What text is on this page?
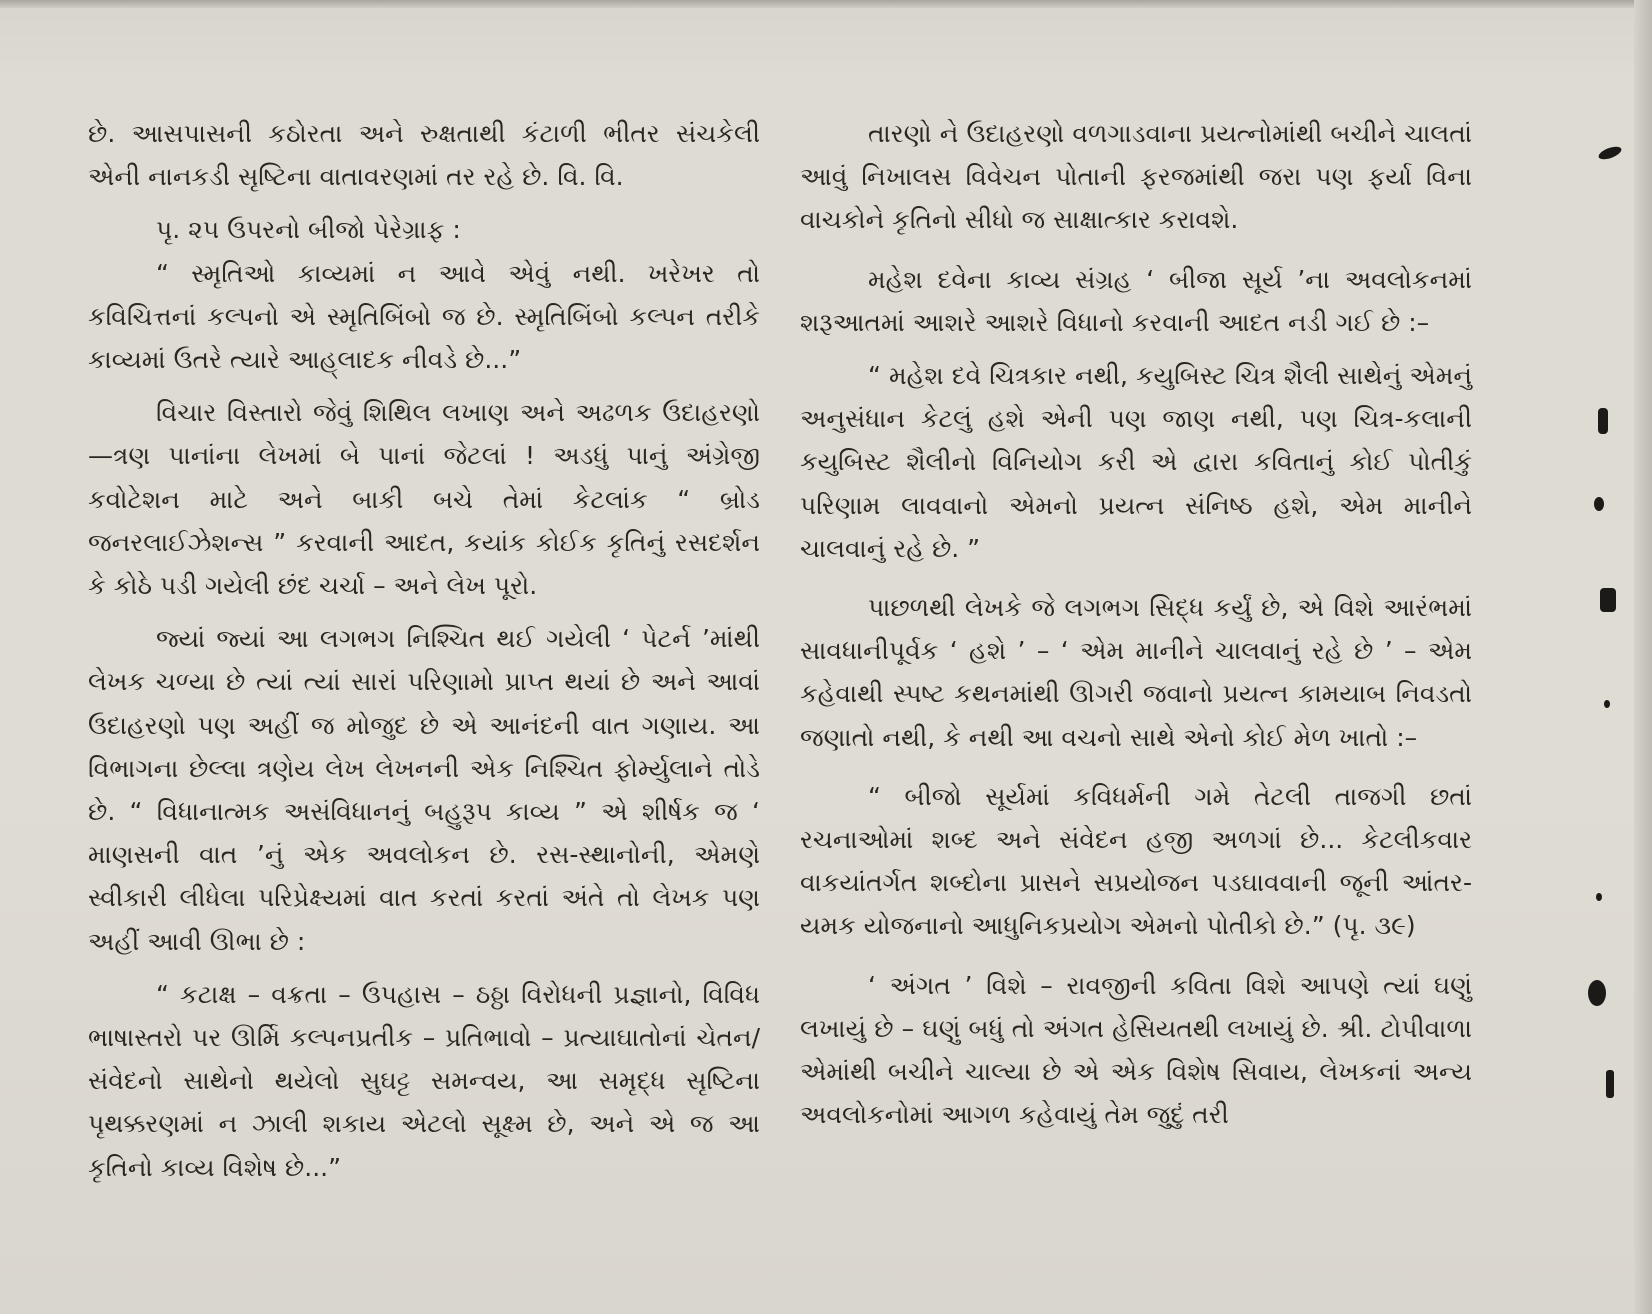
છે. આસપાસની કઠોરતા અને રુક્ષતાથી કંટાળી ભીતર સંચકેલી એની નાનકડી સૃષ્ટિના વાતાવરણમાં તર રહે છે. વિ. વિ.

પૃ. ૨૫ ઉપરનો બીજો પેરેગ્રાફ :

“ સ્મૃતિઓ કાવ્યમાં ન આવે એવું નથી. ખરેખર તો કવિચિત્તનાં કલ્પનો એ સ્મૃતિબિંબો જ છે. સ્મૃતિબિંબો કલ્પન તરીકે કાવ્યમાં ઉતરે ત્યારે આહ્‌લાદક નીવડે છે...”

વિચાર વિસ્તારો જેવું શિથિલ લખાણ અને અઢળક ઉદાહરણો—ત્રણ પાનાંના લેખમાં બે પાનાં જેટલાં ! અડધું પાનું અંગ્રેજી કવોટેશન માટે અને બાકી બચે તેમાં કેટલાંક “ બ્રોડ જનરલાઈઝેશન્સ ” કરવાની આદત, કયાંક કોઈક કૃતિનું રસદર્શન કે કોઠે પડી ગયેલી છંદ ચર્ચા – અને લેખ પૂરો.

જ્યાં જ્યાં આ લગભગ નિશ્ચિત થઈ ગયેલી ‘ પેટર્ન ’માંથી લેખક ચળ્યા છે ત્યાં ત્યાં સારાં પરિણામો પ્રાપ્ત થયાં છે અને આવાં ઉદાહરણો પણ અહીં જ મોજુદ છે એ આનંદની વાત ગણાય. આ વિભાગના છેલ્લા ત્રણેય લેખ લેખનની એક નિશ્ચિત ફોર્મ્યુલાને તોડે છે. “ વિધાનાત્મક અસંવિધાનનું બહુરૂપ કાવ્ય ” એ શીર્ષક જ ‘ માણસની વાત ’નું એક અવલોકન છે. રસ-સ્થાનોની, એમણે સ્વીકારી લીધેલા પરિપ્રેક્ષ્યમાં વાત કરતાં કરતાં અંતે તો લેખક પણ અહીં આવી ઊભા છે :

“ કટાક્ષ – વક્રતા – ઉપહાસ – ઠઠ્ઠા વિરોધની પ્રજ્ઞાનો, વિવિધ ભાષાસ્તરો પર ઊર્મિ કલ્પનપ્રતીક – પ્રતિભાવો – પ્રત્યાઘાતોનાં ચેતન/સંવેદનો સાથેનો થયેલો સુઘટ્ટ સમન્વય, આ સમૃદ્ધ સૃષ્ટિના પૃથક્કરણમાં ન ઝાલી શકાય એટલો સૂક્ષ્મ છે, અને એ જ આ કૃતિનો કાવ્ય વિશેષ છે...”

તારણો ને ઉદાહરણો વળગાડવાના પ્રયત્નોમાંથી બચીને ચાલતાં આવું નિખાલસ વિવેચન પોતાની ફરજમાંથી જરા પણ ફર્યા વિના વાચકોને કૃતિનો સીધો જ સાક્ષાત્કાર કરાવશે.

મહેશ દવેના કાવ્ય સંગ્રહ ‘ બીજા સૂર્ય ’ના અવલોકનમાં શરૂઆતમાં આશરે આશરે વિધાનો કરવાની આદત નડી ગઈ છે :–

“ મહેશ દવે ચિત્રકાર નથી, કયુબિસ્ટ ચિત્ર શૈલી સાથેનું એમનું અનુસંધાન કેટલું હશે એની પણ જાણ નથી, પણ ચિત્ર-કલાની કયુબિસ્ટ શૈલીનો વિનિયોગ કરી એ દ્વારા કવિતાનું કોઈ પોતીકું પરિણામ લાવવાનો એમનો પ્રયત્ન સંનિષ્ઠ હશે, એમ માનીને ચાલવાનું રહે છે. ”

પાછળથી લેખકે જે લગભગ સિદ્ધ કર્યું છે, એ વિશે આરંભમાં સાવધાનીપૂર્વક ‘ હશે ’ – ‘ એમ માનીને ચાલવાનું રહે છે ’ – એમ કહેવાથી સ્પષ્ટ કથનમાંથી ઊગરી જવાનો પ્રયત્ન કામયાબ નિવડતો જણાતો નથી, કે નથી આ વચનો સાથે એનો કોઈ મેળ ખાતો :–

“ બીજો સૂર્યમાં કવિધર્મની ગમે તેટલી તાજગી છતાં રચનાઓમાં શબ્દ અને સંવેદન હજી અળગાં છે... કેટલીકવાર વાકયાંતર્ગત શબ્દોના પ્રાસને સપ્રયોજન પડઘાવવાની જૂની આંતર-યમક યોજનાનો આધુનિકપ્રયોગ એમનો પોતીકો છે.” (પૃ. ૩૯)

‘ અંગત ’ વિશે – રાવજીની કવિતા વિશે આપણે ત્યાં ઘણું લખાયું છે – ઘણું બધું તો અંગત હેસિયતથી લખાયું છે. શ્રી. ટોપીવાળા એમાંથી બચીને ચાલ્યા છે એ એક વિશેષ સિવાય, લેખકનાં અન્ય અવલોકનોમાં આગળ કહેવાયું તેમ જુદું તરી
